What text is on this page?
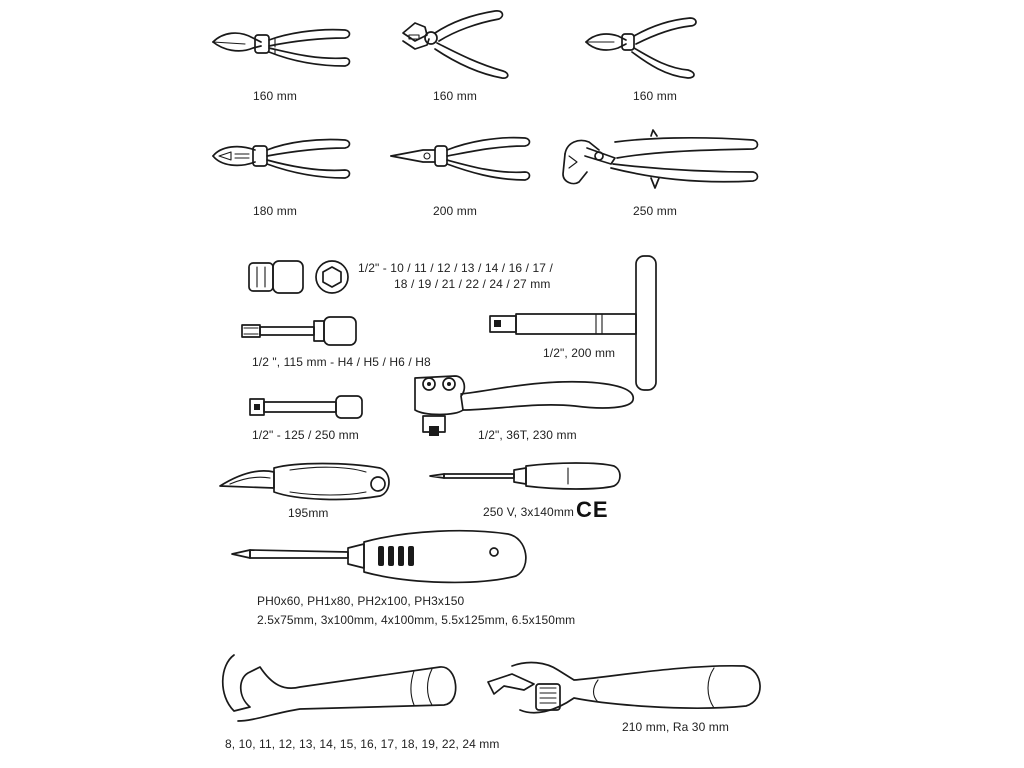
160 mm	160 mm	160 mm
180 mm	200 mm	250 mm
1/2" - 10 / 11 / 12 / 13 / 14 / 16 / 17 /
18 / 19 / 21 / 22 / 24 / 27 mm
1/2 ", 115 mm - H4 / H5 / H6 / H8
1/2" - 125 / 250 mm
1/2", 200 mm
1/2", 36T, 230 mm
195mm	250 V, 3x140mm CE
PH0x60, PH1x80, PH2x100, PH3x150
2.5x75mm, 3x100mm, 4x100mm, 5.5x125mm, 6.5x150mm
8, 10, 11, 12, 13, 14, 15, 16, 17, 18, 19, 22, 24 mm
210 mm, Ra 30 mm
